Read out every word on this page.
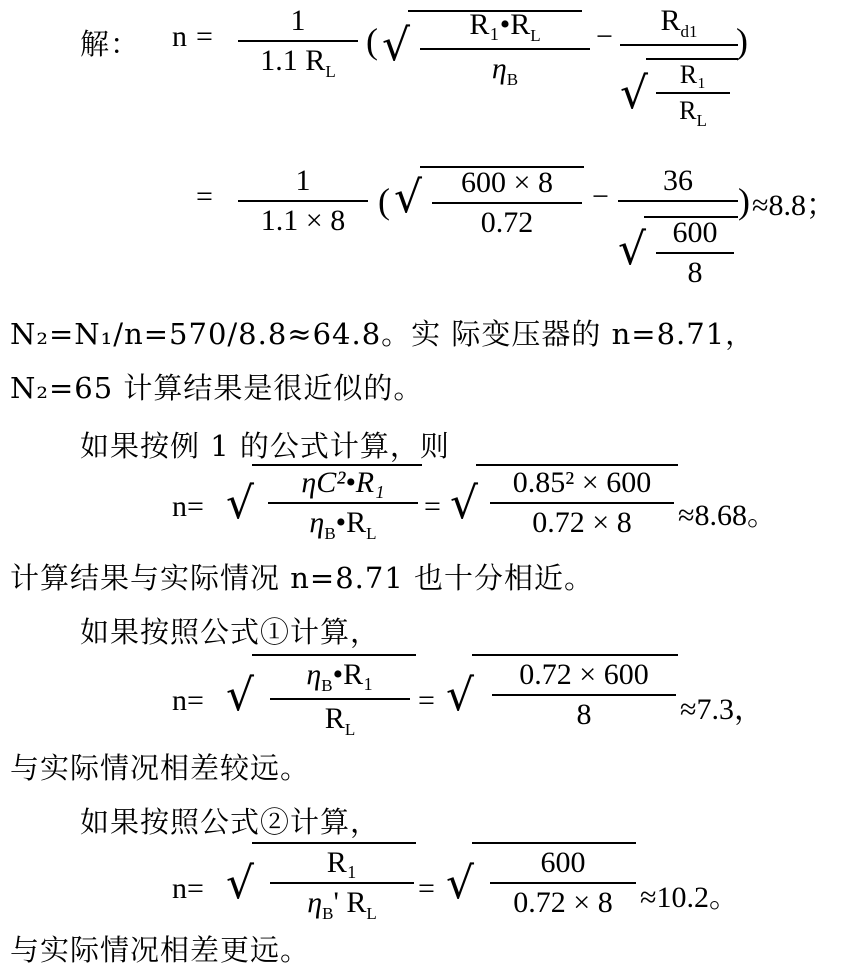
解： $n = \frac{1}{1.1 R_L}$ ( √ $\frac{R_1•R_L}{\eta_B}$ −	$R_{d1}$
√ $\frac{\text{R₁}}{R_L}$
)
= $\frac{1}{1.1 \times 8}$ ( √ $\frac{600 \times 8}{0.72}$ −	36
√ $\frac{600}{8}$
) ≈8.8；
N₂=N₁/n=570/8.8≈64.8。实 际变压器的 n=8.71，
N₂=65 计算结果是很近似的。
如果按例 1 的公式计算，则
n= √ $\frac{\text{ηC²•R₁}}{\eta_B•R_L}$ = √ $\frac{\text{0.85² × 600}}{0.72 \times 8} \approx 8.68$。
计算结果与实际情况 n=8.71 也十分相近。
如果按照公式①计算，
n= √ $\frac{\eta_B•R_1}{R_L}$ = √ $\frac{0.72 \times 600}{8} \approx 7.3$，
与实际情况相差较远。
如果按照公式②计算，
n= √ $\frac{\text{R₁}}{\eta_B' R_L}$ = √ $\frac{600}{0.72 \times 8} \approx 10.2$。
与实际情况相差更远。
